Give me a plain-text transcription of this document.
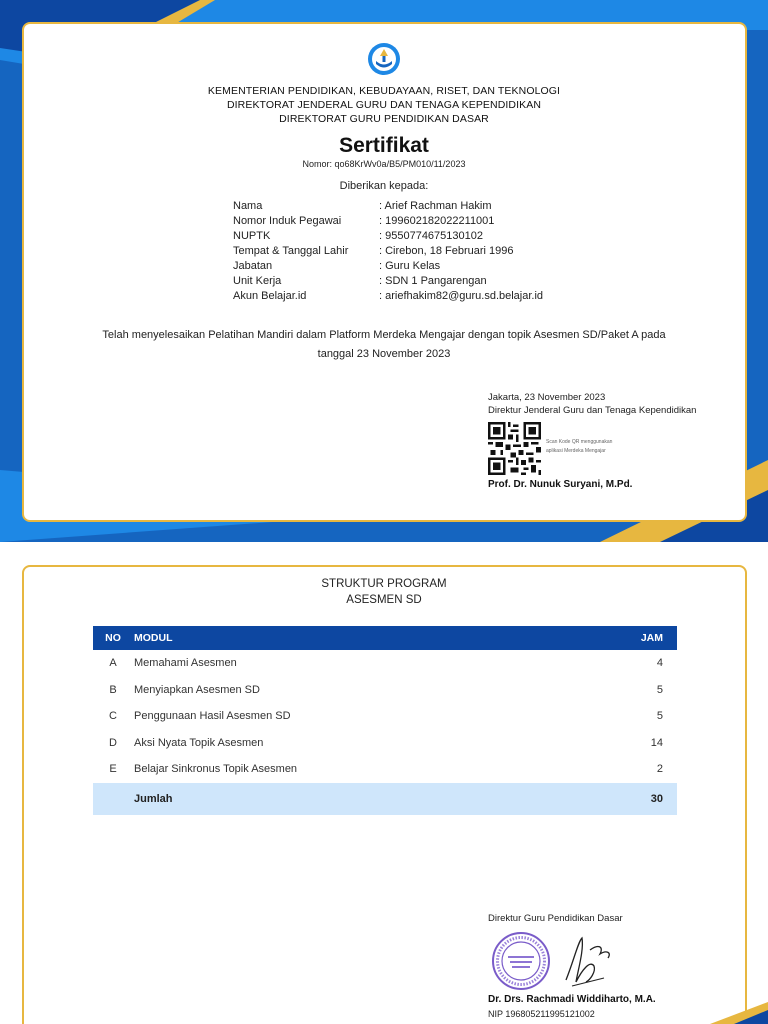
KEMENTERIAN PENDIDIKAN, KEBUDAYAAN, RISET, DAN TEKNOLOGI
DIREKTORAT JENDERAL GURU DAN TENAGA KEPENDIDIKAN
DIREKTORAT GURU PENDIDIKAN DASAR
Sertifikat
Nomor: qo68KrWv0a/B5/PM010/11/2023
Diberikan kepada:
Nama	: Arief Rachman Hakim
Nomor Induk Pegawai	: 199602182022211001
NUPTK	: 9550774675130102
Tempat & Tanggal Lahir	: Cirebon, 18 Februari 1996
Jabatan	: Guru Kelas
Unit Kerja	: SDN 1 Pangarengan
Akun Belajar.id	: ariefhakim82@guru.sd.belajar.id
Telah menyelesaikan Pelatihan Mandiri dalam Platform Merdeka Mengajar dengan topik Asesmen SD/Paket A pada
tanggal 23 November 2023
Jakarta, 23 November 2023
Direktur Jenderal Guru dan Tenaga Kependidikan
Scan Kode QR menggunakan
aplikasi Merdeka Mengajar
Prof. Dr. Nunuk Suryani, M.Pd.
STRUKTUR PROGRAM
ASESMEN SD
NO	MODUL	JAM
A	Memahami Asesmen	4
B	Menyiapkan Asesmen SD	5
C	Penggunaan Hasil Asesmen SD	5
D	Aksi Nyata Topik Asesmen	14
E	Belajar Sinkronus Topik Asesmen	2
	Jumlah	30
Direktur Guru Pendidikan Dasar
Dr. Drs. Rachmadi Widdiharto, M.A.
NIP 196805211995121002
